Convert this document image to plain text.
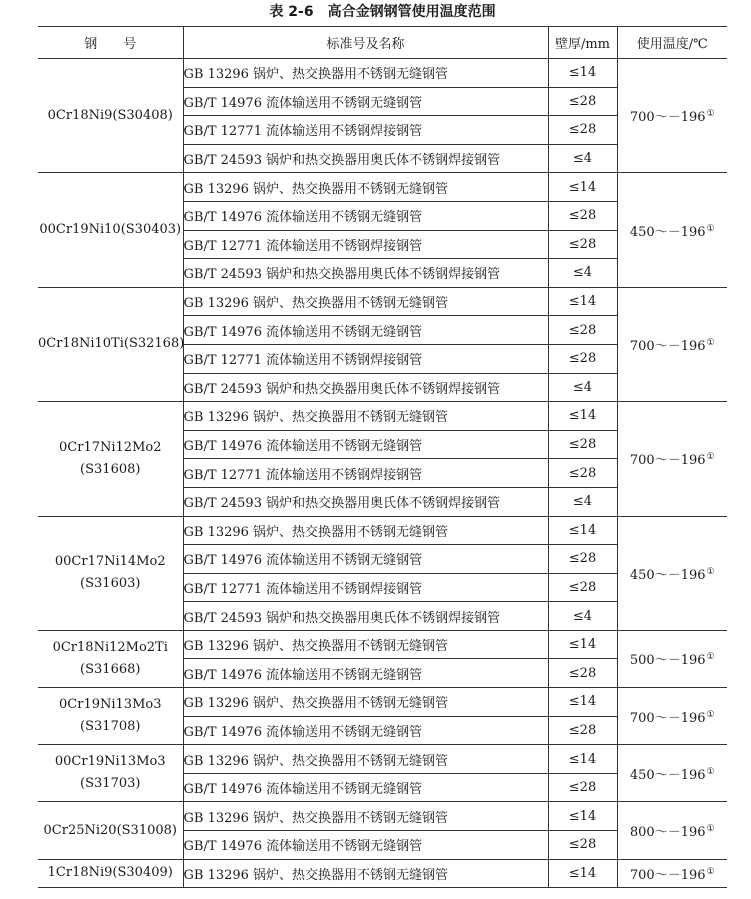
表 2-6 高合金钢钢管使用温度范围
钢　　号	标准号及名称	壁厚/mm	使用温度/℃

0Cr18Ni9(S30408)	GB 13296 锅炉、热交换器用不锈钢无缝钢管	≤14	700～－196①
	GB/T 14976 流体输送用不锈钢无缝钢管	≤28	
	GB/T 12771 流体输送用不锈钢焊接钢管	≤28	
	GB/T 24593 锅炉和热交换器用奥氏体不锈钢焊接钢管	≤4	

00Cr19Ni10(S30403)	GB 13296 锅炉、热交换器用不锈钢无缝钢管	≤14	450～－196①
	GB/T 14976 流体输送用不锈钢无缝钢管	≤28	
	GB/T 12771 流体输送用不锈钢焊接钢管	≤28	
	GB/T 24593 锅炉和热交换器用奥氏体不锈钢焊接钢管	≤4	

0Cr18Ni10Ti(S32168)	GB 13296 锅炉、热交换器用不锈钢无缝钢管	≤14	700～－196①
	GB/T 14976 流体输送用不锈钢无缝钢管	≤28	
	GB/T 12771 流体输送用不锈钢焊接钢管	≤28	
	GB/T 24593 锅炉和热交换器用奥氏体不锈钢焊接钢管	≤4	

0Cr17Ni12Mo2
(S31608)	GB 13296 锅炉、热交换器用不锈钢无缝钢管	≤14	700～－196①
	GB/T 14976 流体输送用不锈钢无缝钢管	≤28	
	GB/T 12771 流体输送用不锈钢焊接钢管	≤28	
	GB/T 24593 锅炉和热交换器用奥氏体不锈钢焊接钢管	≤4	

00Cr17Ni14Mo2
(S31603)	GB 13296 锅炉、热交换器用不锈钢无缝钢管	≤14	450～－196①
	GB/T 14976 流体输送用不锈钢无缝钢管	≤28	
	GB/T 12771 流体输送用不锈钢焊接钢管	≤28	
	GB/T 24593 锅炉和热交换器用奥氏体不锈钢焊接钢管	≤4	

0Cr18Ni12Mo2Ti
(S31668)	GB 13296 锅炉、热交换器用不锈钢无缝钢管	≤14	500～－196①
	GB/T 14976 流体输送用不锈钢无缝钢管	≤28	

0Cr19Ni13Mo3
(S31708)	GB 13296 锅炉、热交换器用不锈钢无缝钢管	≤14	700～－196①
	GB/T 14976 流体输送用不锈钢无缝钢管	≤28	

00Cr19Ni13Mo3
(S31703)	GB 13296 锅炉、热交换器用不锈钢无缝钢管	≤14	450～－196①
	GB/T 14976 流体输送用不锈钢无缝钢管	≤28	

0Cr25Ni20(S31008)	GB 13296 锅炉、热交换器用不锈钢无缝钢管	≤14	800～－196①
	GB/T 14976 流体输送用不锈钢无缝钢管	≤28	

1Cr18Ni9(S30409)	GB 13296 锅炉、热交换器用不锈钢无缝钢管	≤14	700～－196①
